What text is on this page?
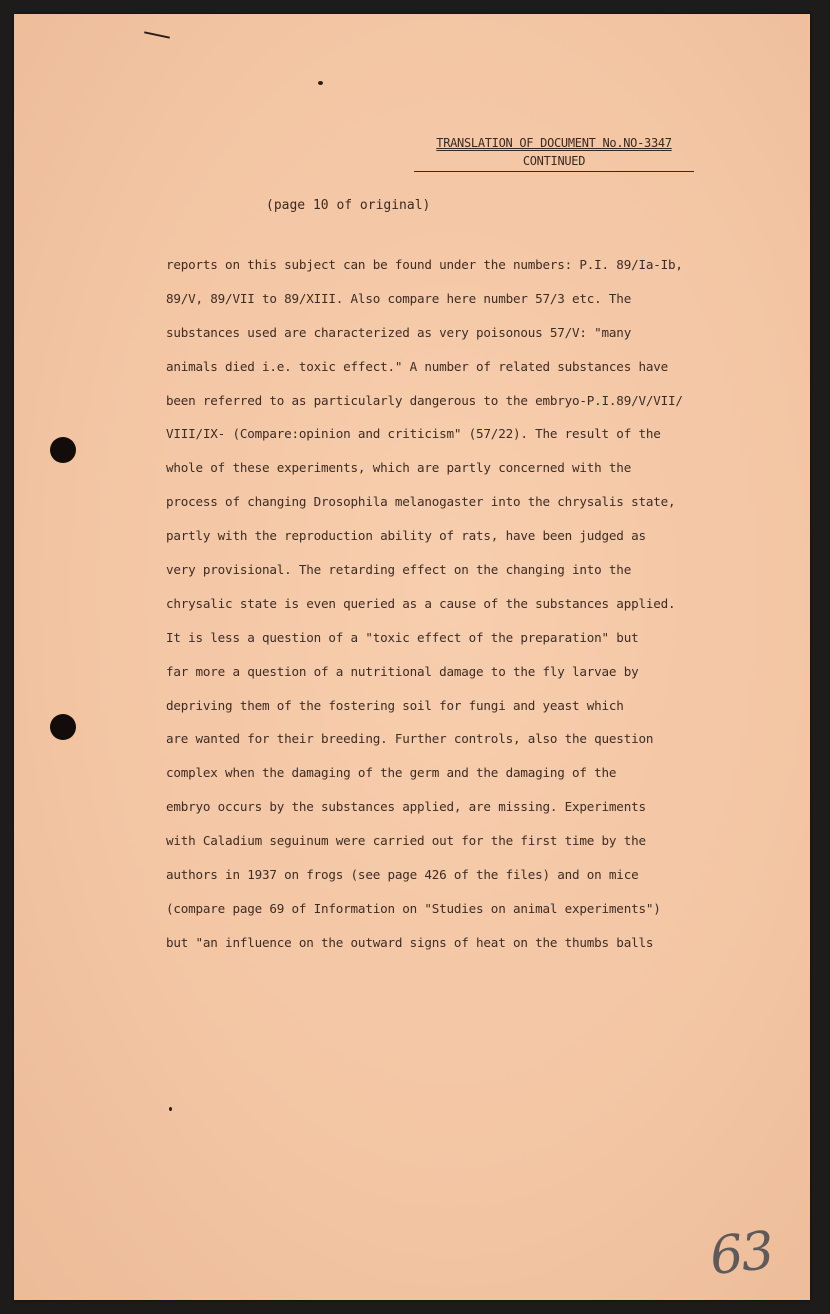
TRANSLATION OF DOCUMENT No.NO-3347
CONTINUED
(page 10 of original)
reports on this subject can be found under the numbers: P.I. 89/Ia-Ib,
89/V, 89/VII to 89/XIII. Also compare here number 57/3 etc. The
substances used are characterized as very poisonous 57/V: "many
animals died i.e. toxic effect." A number of related substances have
been referred to as particularly dangerous to the embryo-P.I.89/V/VII/
VIII/IX- (Compare:opinion and criticism" (57/22). The result of the
whole of these experiments, which are partly concerned with the
process of changing Drosophila melanogaster into the chrysalis state,
partly with the reproduction ability of rats, have been judged as
very provisional. The retarding effect on the changing into the
chrysalic state is even queried as a cause of the substances applied.
It is less a question of a "toxic effect of the preparation" but
far more a question of a nutritional damage to the fly larvae by
depriving them of the fostering soil for fungi and yeast which
are wanted for their breeding. Further controls, also the question
complex when the damaging of the germ and the damaging of the
embryo occurs by the substances applied, are missing. Experiments
with Caladium seguinum were carried out for the first time by the
authors in 1937 on frogs (see page 426 of the files) and on mice
(compare page 69 of Information on "Studies on animal experiments")
but "an influence on the outward signs of heat on the thumbs balls
63
